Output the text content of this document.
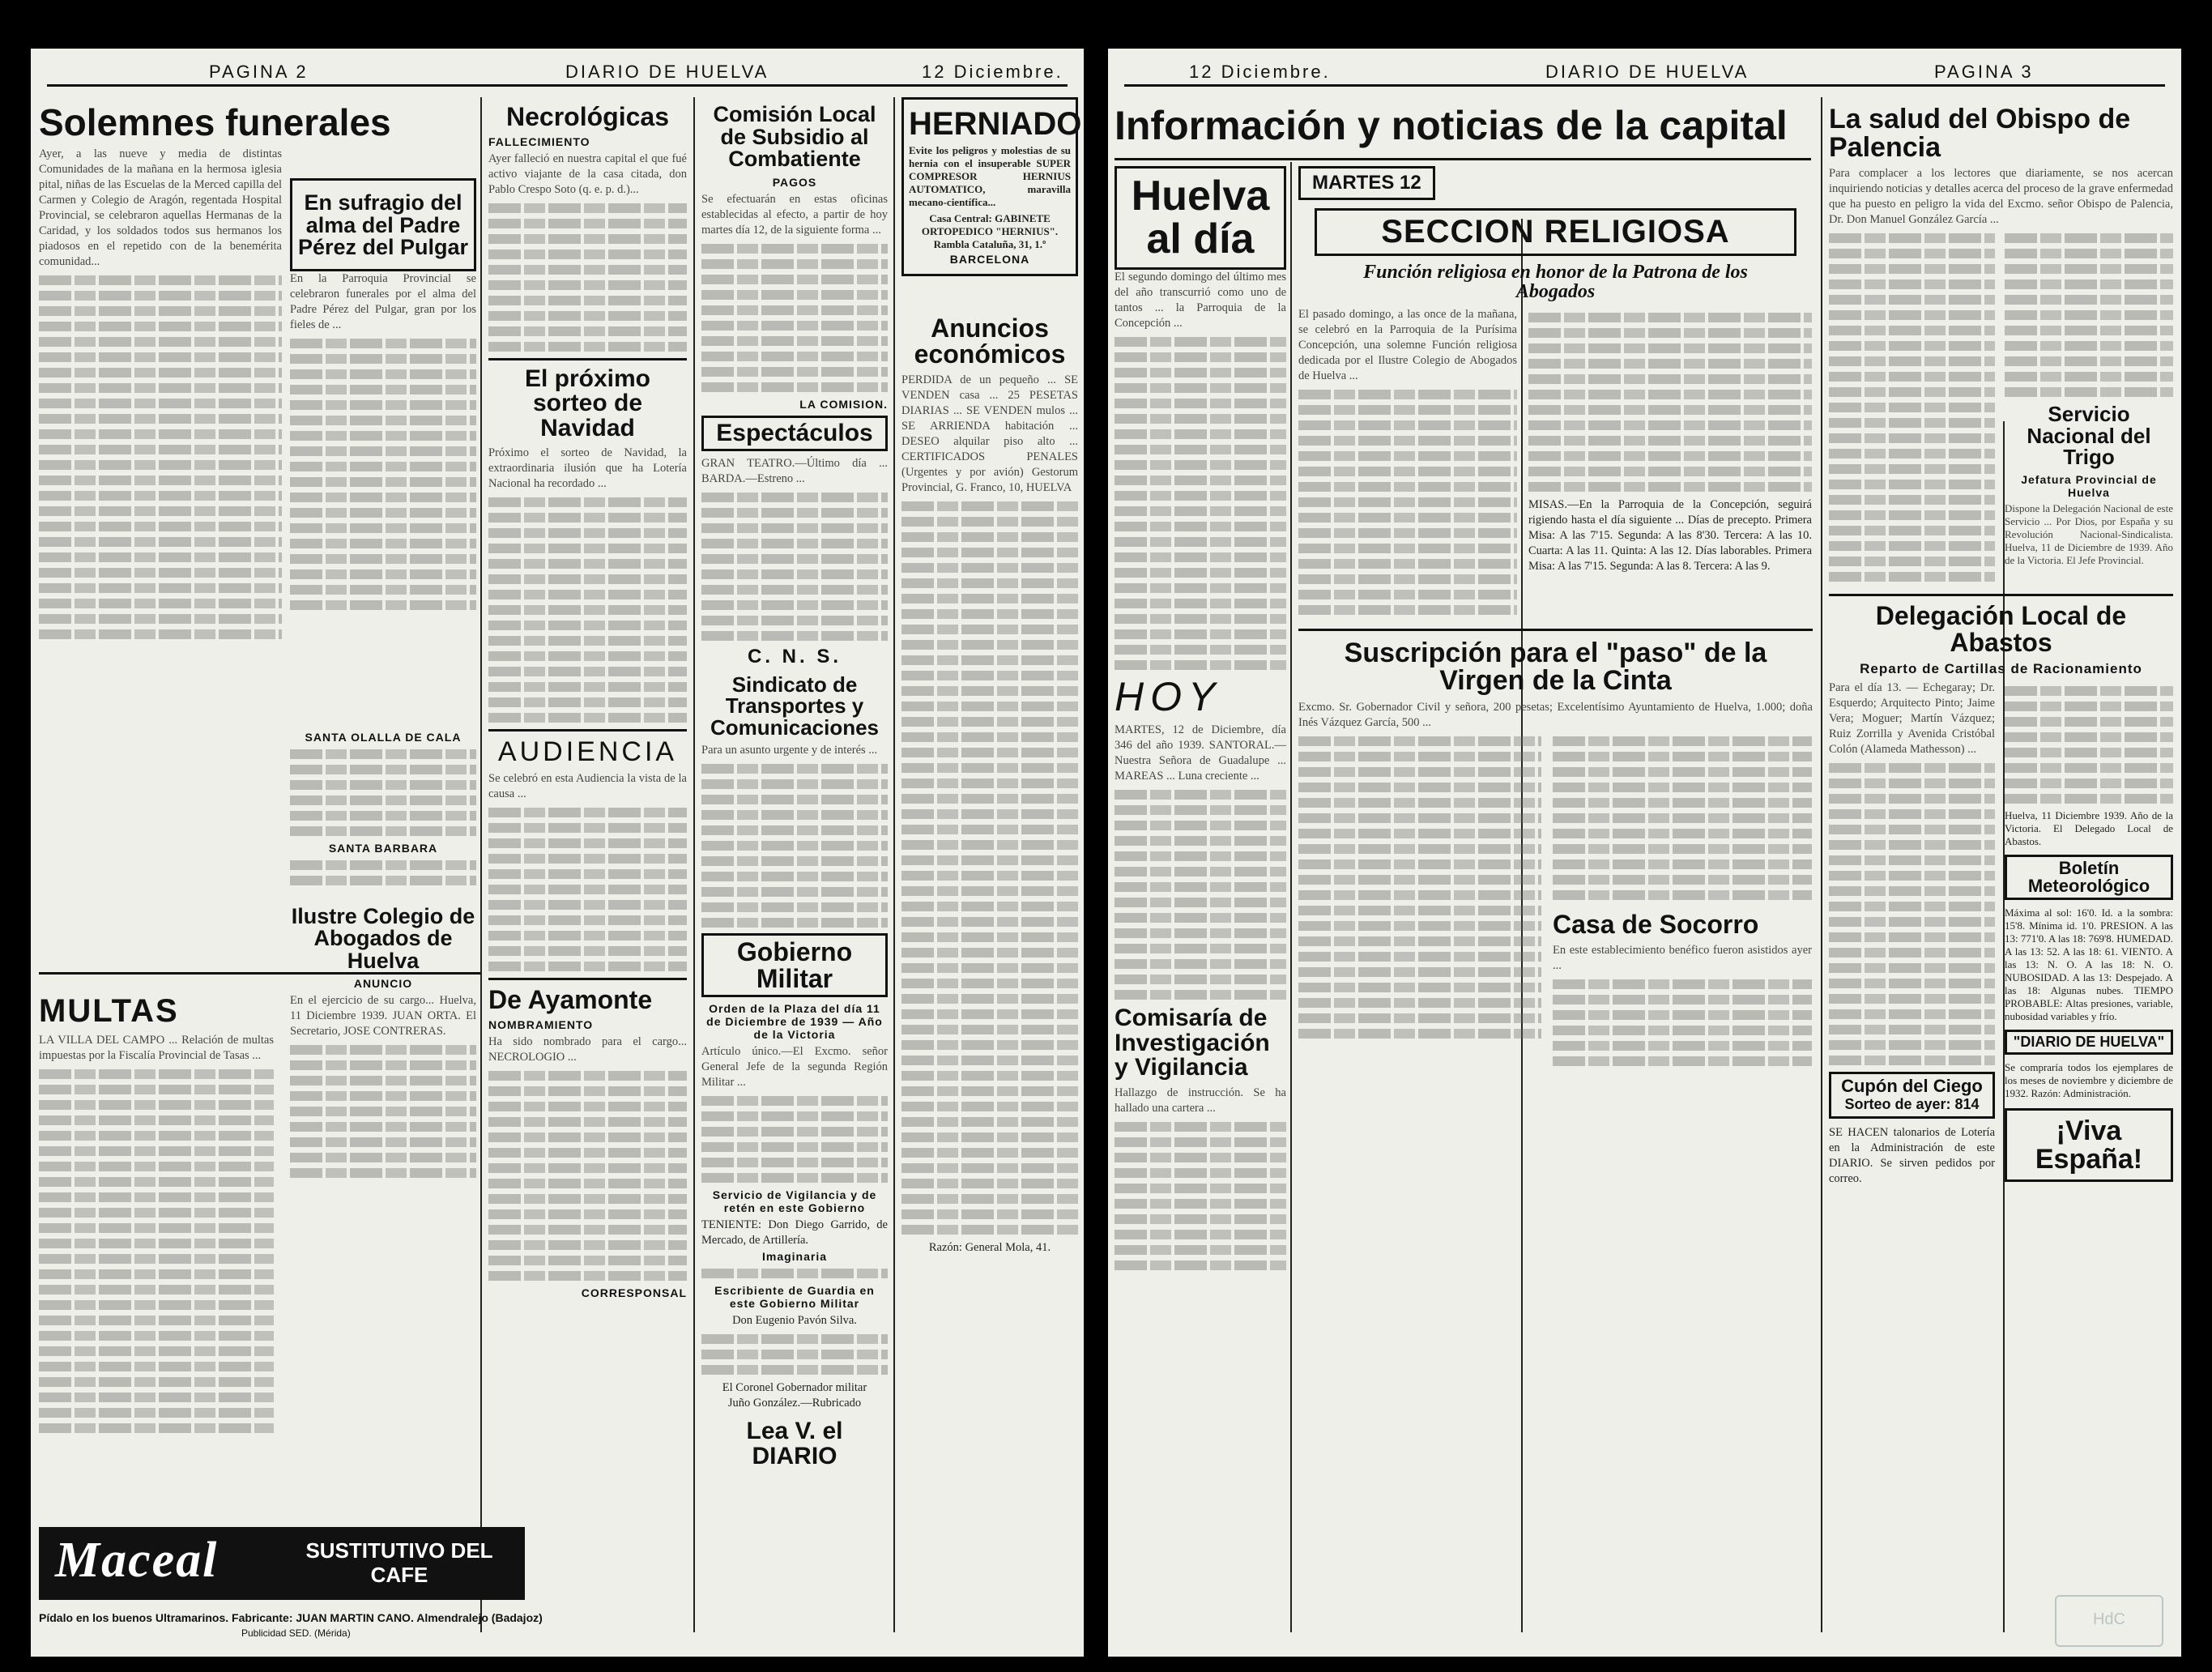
PAGINA 2	DIARIO DE HUELVA	12 Diciembre.
Solemnes funerales
Ayer, a las nueve y media de distintas Comunidades de la mañana en la hermosa iglesia pital, niñas de las Escuelas de la Merced capilla del Carmen y Colegio de Aragón, regentada Hospital Provincial, se celebraron aquellas Hermanas de la Caridad, y los soldados todos sus hermanos los piadosos en el repetido con de la benemérita comunidad...
MULTAS
LA VILLA DEL CAMPO ... Relación de multas impuestas por la Fiscalía Provincial de Tasas ...
Maceal	SUSTITUTIVO DEL CAFE
Pídalo en los buenos Ultramarinos. Fabricante: JUAN MARTIN CANO. Almendralejo (Badajoz)
Publicidad SED. (Mérida)
En sufragio del alma del Padre Pérez del Pulgar
En la Parroquia Provincial se celebraron funerales por el alma del Padre Pérez del Pulgar, gran por los fieles de ...
SANTA OLALLA DE CALA
SANTA BARBARA
Ilustre Colegio de Abogados de Huelva
ANUNCIO
En el ejercicio de su cargo... Huelva, 11 Diciembre 1939. JUAN ORTA. El Secretario, JOSE CONTRERAS.
Necrológicas
FALLECIMIENTO
Ayer falleció en nuestra capital el que fué activo viajante de la casa citada, don Pablo Crespo Soto (q. e. p. d.)...
El próximo sorteo de Navidad
Próximo el sorteo de Navidad, la extraordinaria ilusión que ha Lotería Nacional ha recordado ...
AUDIENCIA
Se celebró en esta Audiencia la vista de la causa ...
De Ayamonte
NOMBRAMIENTO
Ha sido nombrado para el cargo... NECROLOGIO ...
CORRESPONSAL
Comisión Local de Subsidio al Combatiente
PAGOS
Se efectuarán en estas oficinas establecidas al efecto, a partir de hoy martes día 12, de la siguiente forma ...
LA COMISION.
Espectáculos
GRAN TEATRO.—Último día ... BARDA.—Estreno ...
C. N. S.
Sindicato de Transportes y Comunicaciones
Para un asunto urgente y de interés ...
Gobierno Militar
Orden de la Plaza del día 11 de Diciembre de 1939 — Año de la Victoria
Artículo único.—El Excmo. señor General Jefe de la segunda Región Militar ...
Servicio de Vigilancia y de retén en este Gobierno
TENIENTE: Don Diego Garrido, de Mercado, de Artillería.
Imaginaria
Escribiente de Guardia en este Gobierno Militar
Don Eugenio Pavón Silva.
El Coronel Gobernador militar
Juño González.—Rubricado
Lea V. el DIARIO
HERNIADO
Evite los peligros y molestias de su hernia con el insuperable SUPER COMPRESOR HERNIUS AUTOMATICO, maravilla mecano-científica...
Casa Central: GABINETE ORTOPEDICO "HERNIUS". Rambla Cataluña, 31, 1.º
BARCELONA
Anuncios económicos
PERDIDA de un pequeño ... SE VENDEN casa ... 25 PESETAS DIARIAS ... SE VENDEN mulos ... SE ARRIENDA habitación ... DESEO alquilar piso alto ... CERTIFICADOS PENALES (Urgentes y por avión) Gestorum Provincial, G. Franco, 10, HUELVA
Razón: General Mola, 41.
12 Diciembre.	DIARIO DE HUELVA	PAGINA 3
Información y noticias de la capital
Huelva al día
El segundo domingo del último mes del año transcurrió como uno de tantos ... la Parroquia de la Concepción ...
HOY
MARTES, 12 de Diciembre, día 346 del año 1939. SANTORAL.—Nuestra Señora de Guadalupe ... MAREAS ... Luna creciente ...
Comisaría de Investigación y Vigilancia
Hallazgo de instrucción. Se ha hallado una cartera ...
MARTES 12
SECCION RELIGIOSA
Función religiosa en honor de la Patrona de los Abogados
El pasado domingo, a las once de la mañana, se celebró en la Parroquia de la Purísima Concepción, una solemne Función religiosa dedicada por el Ilustre Colegio de Abogados de Huelva ...
MISAS.—En la Parroquia de la Concepción, seguirá rigiendo hasta el día siguiente ... Días de precepto. Primera Misa: A las 7'15. Segunda: A las 8'30. Tercera: A las 10. Cuarta: A las 11. Quinta: A las 12. Días laborables. Primera Misa: A las 7'15. Segunda: A las 8. Tercera: A las 9.
Suscripción para el "paso" de la Virgen de la Cinta
Excmo. Sr. Gobernador Civil y señora, 200 pesetas; Excelentísimo Ayuntamiento de Huelva, 1.000; doña Inés Vázquez García, 500 ...
Casa de Socorro
En este establecimiento benéfico fueron asistidos ayer ...
La salud del Obispo de Palencia
Para complacer a los lectores que diariamente, se nos acercan inquiriendo noticias y detalles acerca del proceso de la grave enfermedad que ha puesto en peligro la vida del Excmo. señor Obispo de Palencia, Dr. Don Manuel González García ...
Servicio Nacional del Trigo
Jefatura Provincial de Huelva
Dispone la Delegación Nacional de este Servicio ... Por Dios, por España y su Revolución Nacional-Sindicalista. Huelva, 11 de Diciembre de 1939. Año de la Victoria. El Jefe Provincial.
Delegación Local de Abastos
Reparto de Cartillas de Racionamiento
Para el día 13. — Echegaray; Dr. Esquerdo; Arquitecto Pinto; Jaime Vera; Moguer; Martín Vázquez; Ruiz Zorrilla y Avenida Cristóbal Colón (Alameda Mathesson) ...
Cupón del Ciego
Sorteo de ayer: 814
SE HACEN talonarios de Lotería en la Administración de este DIARIO. Se sirven pedidos por correo.
Huelva, 11 Diciembre 1939. Año de la Victoria. El Delegado Local de Abastos.
Boletín Meteorológico
Máxima al sol: 16'0. Id. a la sombra: 15'8. Mínima id. 1'0. PRESION. A las 13: 771'0. A las 18: 769'8. HUMEDAD. A las 13: 52. A las 18: 61. VIENTO. A las 13: N. O. A las 18: N. O. NUBOSIDAD. A las 13: Despejado. A las 18: Algunas nubes. TIEMPO PROBABLE: Altas presiones, variable, nubosidad variables y frío.
"DIARIO DE HUELVA"
Se compraría todos los ejemplares de los meses de noviembre y diciembre de 1932. Razón: Administración.
¡Viva España!
HdC
